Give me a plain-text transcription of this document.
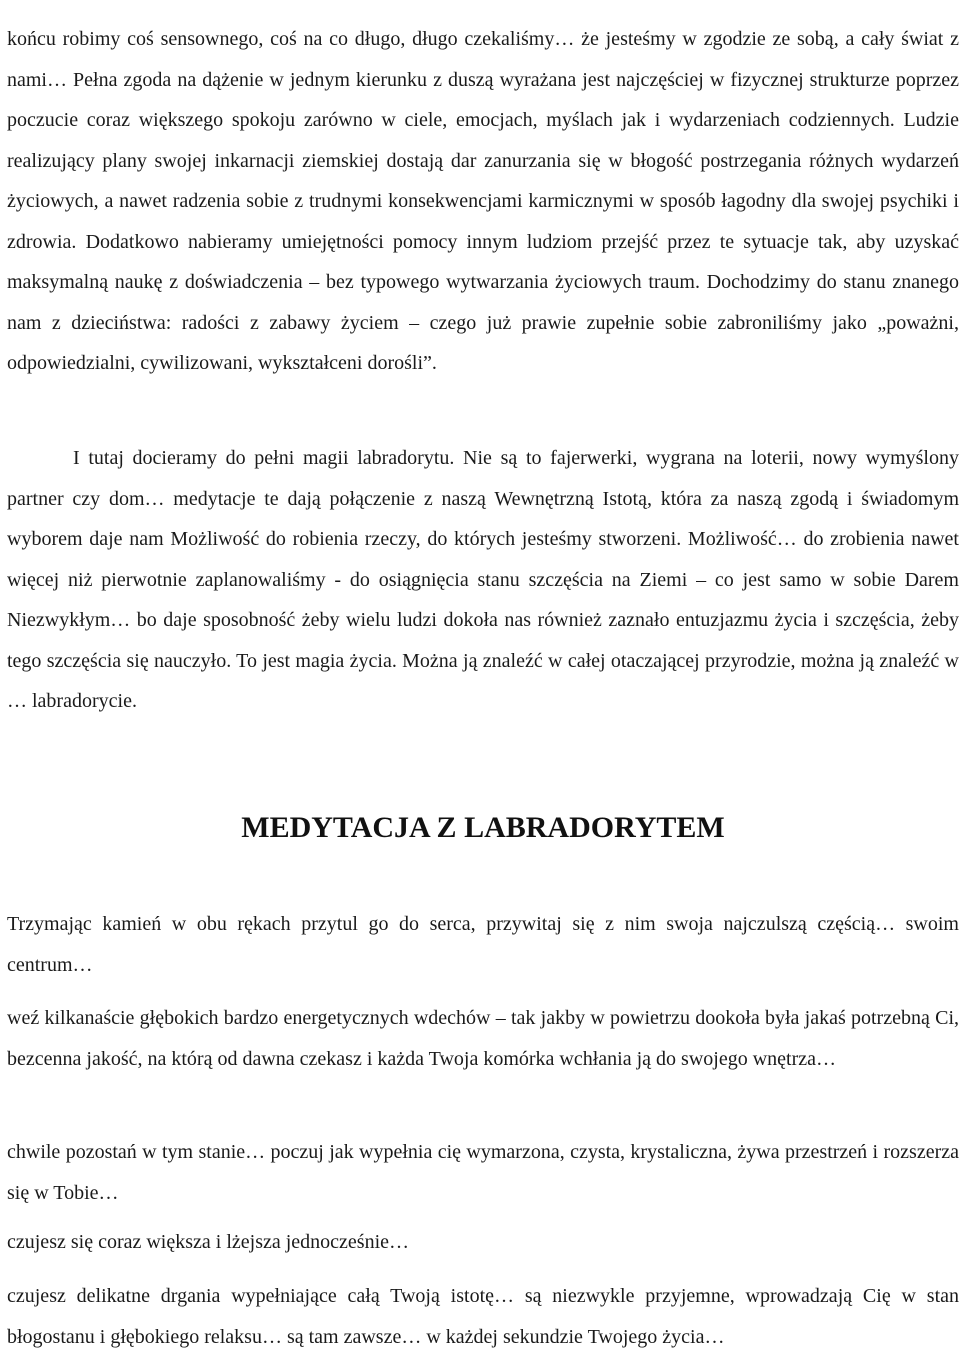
końcu robimy coś sensownego, coś na co długo, długo czekaliśmy… że jesteśmy w zgodzie ze sobą, a cały świat z nami… Pełna zgoda na dążenie w jednym kierunku z duszą wyrażana jest najczęściej w fizycznej strukturze poprzez poczucie coraz większego spokoju zarówno w ciele, emocjach, myślach jak i wydarzeniach codziennych. Ludzie realizujący plany swojej inkarnacji ziemskiej dostają dar zanurzania się w błogość postrzegania różnych wydarzeń życiowych, a nawet radzenia sobie z trudnymi konsekwencjami karmicznymi w sposób łagodny dla swojej psychiki i zdrowia. Dodatkowo nabieramy umiejętności pomocy innym ludziom przejść przez te sytuacje tak, aby uzyskać maksymalną naukę z doświadczenia – bez typowego wytwarzania życiowych traum. Dochodzimy do stanu znanego nam z dzieciństwa: radości z zabawy życiem – czego już prawie zupełnie sobie zabroniliśmy jako „poważni, odpowiedzialni, cywilizowani, wykształceni dorośli”.

I tutaj docieramy do pełni magii labradorytu. Nie są to fajerwerki, wygrana na loterii, nowy wymyślony partner czy dom… medytacje te dają połączenie z naszą Wewnętrzną Istotą, która za naszą zgodą i świadomym wyborem daje nam Możliwość do robienia rzeczy, do których jesteśmy stworzeni. Możliwość… do zrobienia nawet więcej niż pierwotnie zaplanowaliśmy - do osiągnięcia stanu szczęścia na Ziemi – co jest samo w sobie Darem Niezwykłym… bo daje sposobność żeby wielu ludzi dokoła nas również zaznało entuzjazmu życia i szczęścia, żeby tego szczęścia się nauczyło. To jest magia życia. Można ją znaleźć w całej otaczającej przyrodzie, można ją znaleźć w … labradorycie.

MEDYTACJA Z LABRADORYTEM

Trzymając kamień w obu rękach przytul go do serca, przywitaj się z nim swoja najczulszą częścią… swoim centrum…

weź kilkanaście głębokich bardzo energetycznych wdechów – tak jakby w powietrzu dookoła była jakaś potrzebną Ci, bezcenna jakość, na którą od dawna czekasz i każda Twoja komórka wchłania ją do swojego wnętrza…

chwile pozostań w tym stanie… poczuj jak wypełnia cię wymarzona, czysta, krystaliczna, żywa przestrzeń i rozszerza się w Tobie…

czujesz się coraz większa i lżejsza jednocześnie…

czujesz delikatne drgania wypełniające całą Twoją istotę… są niezwykle przyjemne, wprowadzają Cię w stan błogostanu i głębokiego relaksu… są tam zawsze… w każdej sekundzie Twojego życia…
